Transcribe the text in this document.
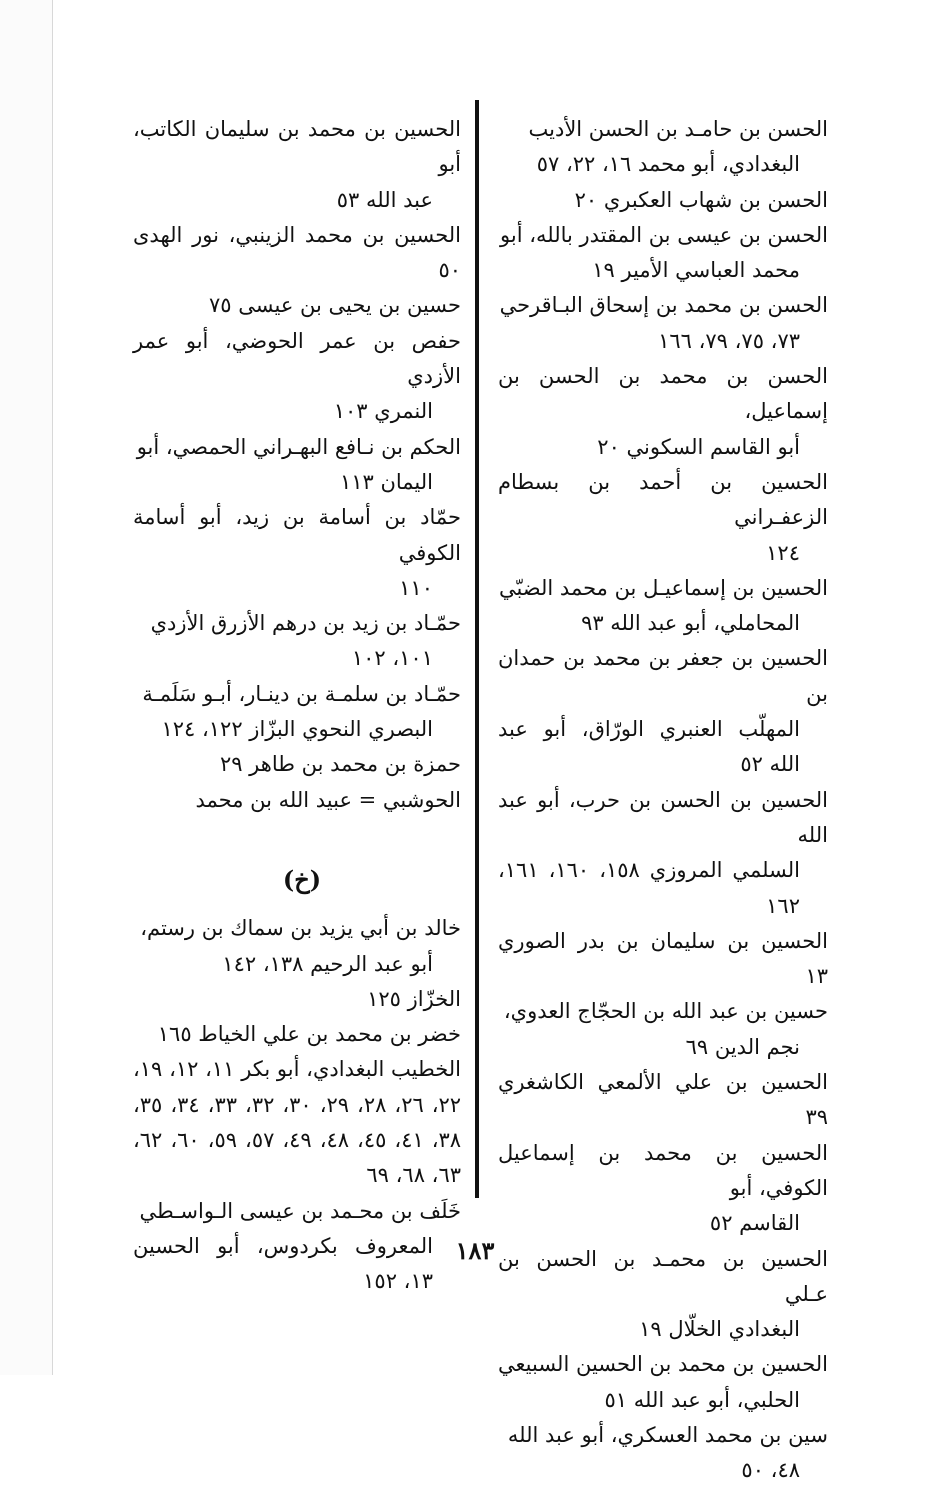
الحسن بن حامـد بن الحسن الأديب
البغدادي، أبو محمد ١٦، ٢٢، ٥٧
الحسن بن شهاب العكبري ٢٠
الحسن بن عيسى بن المقتدر بالله، أبو
محمد العباسي الأمير ١٩
الحسن بن محمد بن إسحاق البـاقرحي
٧٣، ٧٥، ٧٩، ١٦٦
الحسن بن محمد بن الحسن بن إسماعيل،
أبو القاسم السكوني ٢٠
الحسين بن أحمد بن بسطام الزعفـراني
١٢٤
الحسين بن إسماعيـل بن محمد الضبّي
المحاملي، أبو عبد الله ٩٣
الحسين بن جعفر بن محمد بن حمدان بن
المهلّب العنبري الورّاق، أبو عبد الله ٥٢
الحسين بن الحسن بن حرب، أبو عبد الله
السلمي المروزي ١٥٨، ١٦٠، ١٦١، ١٦٢
الحسين بن سليمان بن بدر الصوري ١٣
حسين بن عبد الله بن الحجّاج العدوي،
نجم الدين ٦٩
الحسين بن علي الألمعي الكاشغري ٣٩
الحسين بن محمد بن إسماعيل الكوفي، أبو
القاسم ٥٢
الحسين بن محمـد بن الحسن بن عـلي
البغدادي الخلّال ١٩
الحسين بن محمد بن الحسين السبيعي
الحلبي، أبو عبد الله ٥١
سين بن محمد العسكري، أبو عبد الله
٤٨، ٥٠
الحسين بن محمد بن سليمان الكاتب، أبو
عبد الله ٥٣
الحسين بن محمد الزينبي، نور الهدى ٥٠
حسين بن يحيى بن عيسى ٧٥
حفص بن عمر الحوضي، أبو عمر الأزدي
النمري ١٠٣
الحكم بن نـافع البهـراني الحمصي، أبو
اليمان ١١٣
حمّاد بن أسامة بن زيد، أبو أسامة الكوفي
١١٠
حمّـاد بن زيد بن درهم الأزرق الأزدي
١٠١، ١٠٢
حمّـاد بن سلمـة بن دينـار، أبـو سَلَمـة
البصري النحوي البزّاز ١٢٢، ١٢٤
حمزة بن محمد بن طاهر ٢٩
الحوشبي = عبيد الله بن محمد
(خ)
خالد بن أبي يزيد بن سماك بن رستم،
أبو عبد الرحيم ١٣٨، ١٤٢
الخزّاز ١٢٥
خضر بن محمد بن علي الخياط ١٦٥
الخطيب البغدادي، أبو بكر ١١، ١٢، ١٩، ٢٢، ٢٦، ٢٨، ٢٩، ٣٠، ٣٢، ٣٣، ٣٤، ٣٥، ٣٨، ٤١، ٤٥، ٤٨، ٤٩، ٥٧، ٥٩، ٦٠، ٦٢، ٦٣، ٦٨، ٦٩
خَلَف بن محـمد بن عيسى الـواسـطي
المعروف بكردوس، أبو الحسين ١٣، ١٥٢
١٨٣
